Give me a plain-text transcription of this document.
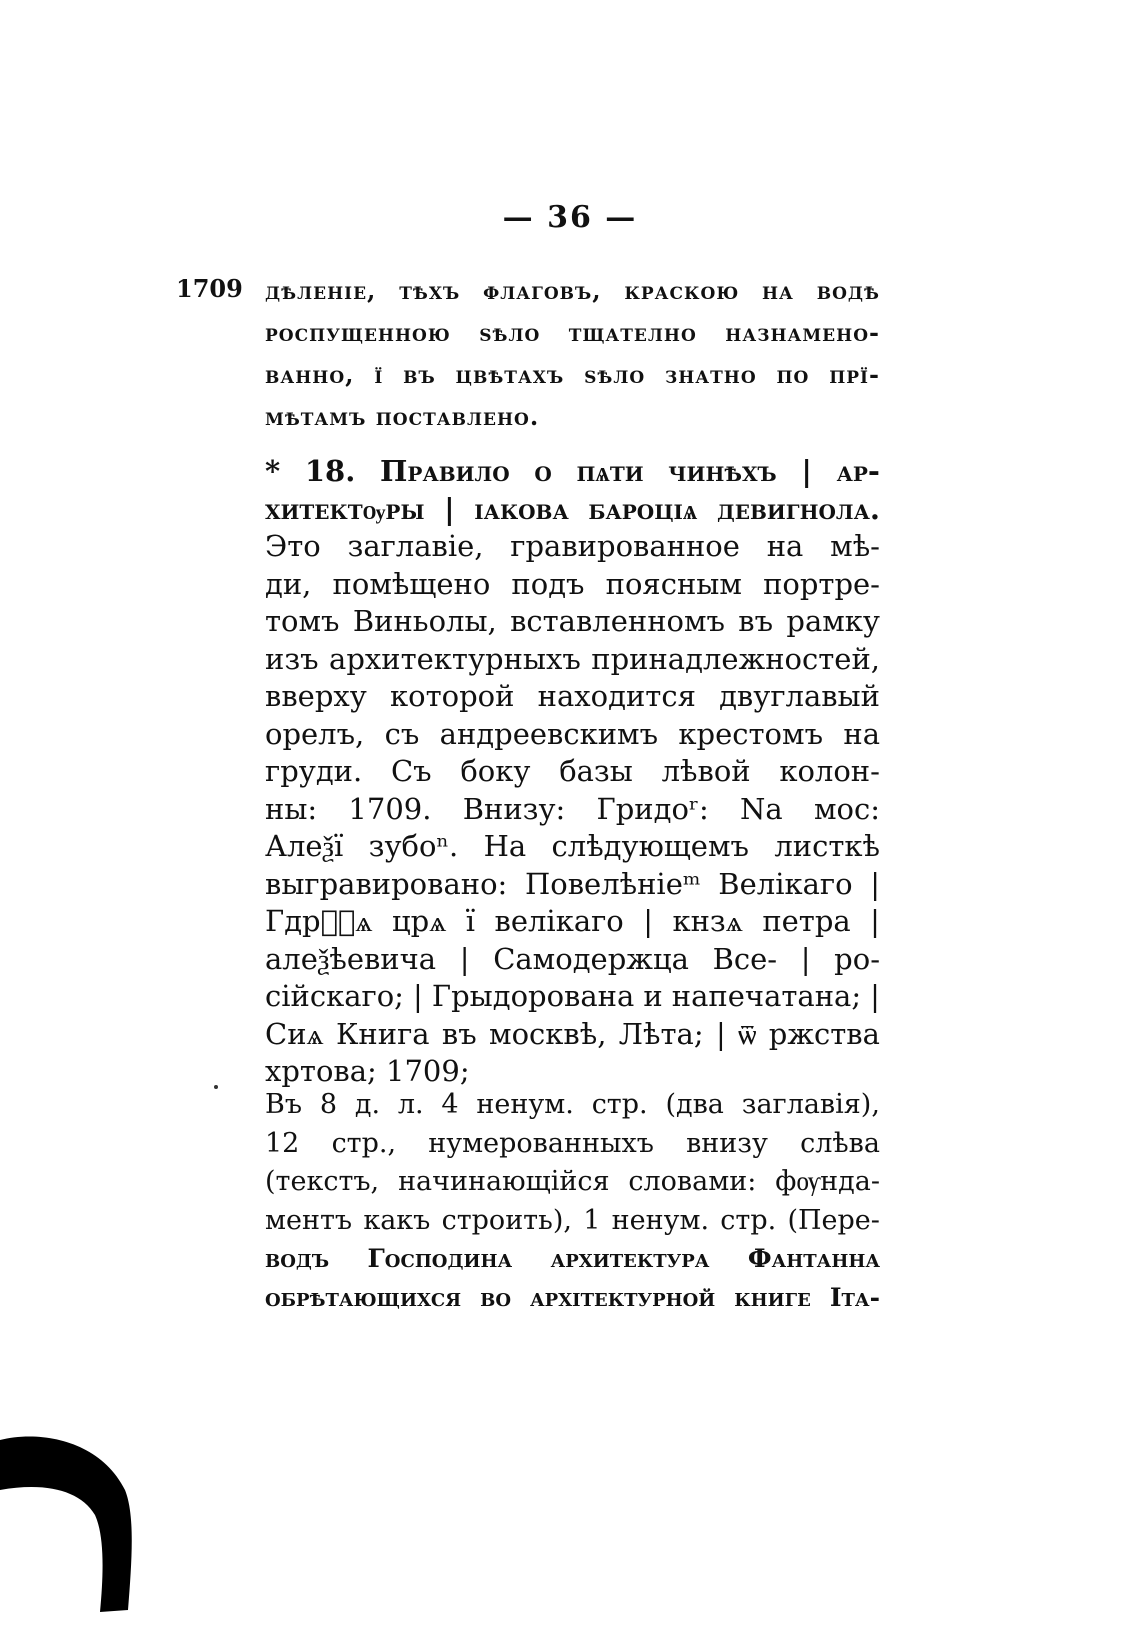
— 36 —
1709 дѣленіе, тѣхъ флаговъ, краскою на водѣ
роспущенною ѕѣло тщателно назнамено-
ванно, ї въ цвѣтахъ ѕѣло знатно по прї-
мѣтамъ поставлено.
* 18. Правило о пѧти чинѣхъ | ар-
хитектѹры | ıакова бароціѧ девигнола.
Это заглавіе, гравированное на мѣ-
ди, помѣщено подъ поясным портре-
томъ Виньолы, вставленномъ въ рамку
изъ архитектурныхъ принадлежностей,
вверху которой находится двуглавый
орелъ, съ андреевскимъ крестомъ на
груди. Съ боку базы лѣвой колон-
ны: 1709. Внизу: Гридоʳ: Nа мос:
Алеѯї зубоⁿ. На слѣдующемъ листкѣ
выгравировано: Повелѣніеᵐ Велікаго |
Гдрⷭ҇ѧ црѧ ї велікаго | кнзѧ петра |
алеѯѣевича | Самодержца Все- | ро-
сійскаго; | Грыдорованa и напечатана; |
Сиѧ Книга въ москвѣ, Лѣта; | ѿ ржства
хртова; 1709;
Въ 8 д. л. 4 ненум. стр. (два заглавія),
12 стр., нумерованныхъ внизу слѣва
(текстъ, начинающійся словами: фѹнда-
ментъ какъ строить), 1 ненум. стр. (Пере-
водъ Господина архитектура Фантанна
обрѣтающихся во архітектурной книге Іта-
